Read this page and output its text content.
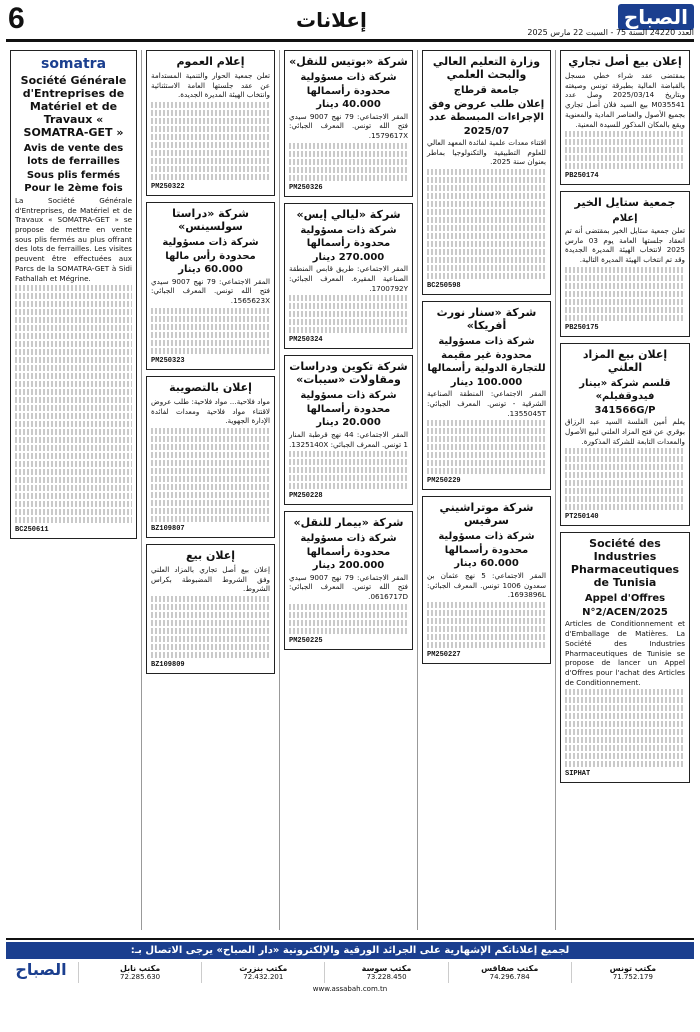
6	إعلانات	الصباح
العدد 24220 السنة 75 - السبت 22 مارس 2025
إعلان بيع أصل تجاري
بمقتضى عقد شراء خطي مسجل بالقباضة المالية بطبرقة تونس وصيغته وبتاريخ 2025/03/14 وصل عدد M035541 بيع السيد فلان أصل تجاري بجميع الأصول والعناصر المادية والمعنوية ويقع بالمكان المذكور للسيدة المعنية.
PB250174
جمعية ستايل الخير
إعلام
تعلن جمعية ستايل الخير بمقتضى أنه تم انعقاد جلستها العامة يوم 03 مارس 2025 لانتخاب الهيئة المديرة الجديدة وقد تم انتخاب الهيئة المديرة التالية.
PB250175
إعلان بيع المزاد العلني
قلسم شركة «بينار فيدوقفيلم» 341566G/P
يعلم أمين الفلسة السيد عبد الرزاق بوقري عن فتح المزاد العلني لبيع الأصول والمعدات التابعة للشركة المذكورة.
PT250140
Société des Industries Pharmaceutiques de Tunisia
Appel d'Offres N°2/ACEN/2025
Articles de Conditionnement et d'Emballage de Matières. La Société des Industries Pharmaceutiques de Tunisie se propose de lancer un Appel d'Offres pour l'achat des Articles de Conditionnement.
SIPHAT
وزارة التعليم العالي والبحث العلمي
جامعة قرطاج
إعلان طلب عروض وفق الإجراءات المبسطة عدد 2025/07
اقتناء معدات علمية لفائدة المعهد العالي للعلوم التطبيقية والتكنولوجيا بماطر بعنوان سنة 2025.
BC250598
شركة «سنار نورث أفريكا»
شركة ذات مسؤولية محدودة غير مقيمة للتجارة الدولية رأسمالها 100.000 دينار
المقر الاجتماعي: المنطقة الصناعية الشرقية - تونس. المعرف الجبائي: 1355045T.
PM250229
شركة موتراشيني سرفيس
شركة ذات مسؤولية محدودة رأسمالها 60.000 دينار
المقر الاجتماعي: 5 نهج عثمان بن سعدون 1006 تونس. المعرف الجبائي: 1693896L.
PM250227
شركة «بوتيس للنقل»
شركة ذات مسؤولية محدودة رأسمالها 40.000 دينار
المقر الاجتماعي: 79 نهج 9007 سيدي فتح الله تونس. المعرف الجبائي: 1579617X.
PM250326
شركة «ليالي إيس»
شركة ذات مسؤولية محدودة رأسمالها 270.000 دينار
المقر الاجتماعي: طريق قابس المنطقة الصناعية المقيرة. المعرف الجبائي: 1700792Y.
PM250324
شركة تكوين ودراسات ومقاولات «سيبات»
شركة ذات مسؤولية محدودة رأسمالها 20.000 دينار
المقر الاجتماعي: 44 نهج قرطبة المنار 1 تونس. المعرف الجبائي: 1325140X.
PM250228
شركة «بيمار للنقل»
شركة ذات مسؤولية محدودة رأسمالها 200.000 دينار
المقر الاجتماعي: 79 نهج 9007 سيدي فتح الله تونس. المعرف الجبائي: 0616717D.
PM250225
إعلام العموم
تعلن جمعية الحوار والتنمية المستدامة عن عقد جلستها العامة الاستثنائية وانتخاب الهيئة المديرة الجديدة.
PM250322
شركة «دراستا سولسينس»
شركة ذات مسؤولية محدودة رأس مالها 60.000 دينار
المقر الاجتماعي: 79 نهج 9007 سيدي فتح الله تونس. المعرف الجبائي: 1565623X.
PM250323
إعلان بالتصويبة
مواد فلاحية... مواد فلاحية: طلب عروض لاقتناء مواد فلاحية ومعدات لفائدة الإدارة الجهوية.
BZ109807
إعلان بيع
إعلان بيع أصل تجاري بالمزاد العلني وفق الشروط المضبوطة بكراس الشروط.
BZ109809
somatra
Société Générale d'Entreprises de Matériel et de Travaux « SOMATRA-GET »
Avis de vente des lots de ferrailles Sous plis fermés
Pour le 2ème fois
La Société Générale d'Entreprises, de Matériel et de Travaux « SOMATRA-GET » se propose de mettre en vente sous plis fermés au plus offrant des lots de ferrailles. Les visites peuvent être effectuées aux Parcs de la SOMATRA-GET à Sidi Fathallah et Mégrine.
BC250611
لجميع إعلاناتكم الإشهارية على الجرائد الورقية والإلكترونية «دار الصباح» يرجى الاتصال بـ:
مكتب تونس
71.752.179
مكتب صفاقس
74.296.784
مكتب سوسة
73.228.450
مكتب بنزرت
72.432.201
مكتب نابل
72.285.630
الصباح
www.assabah.com.tn
